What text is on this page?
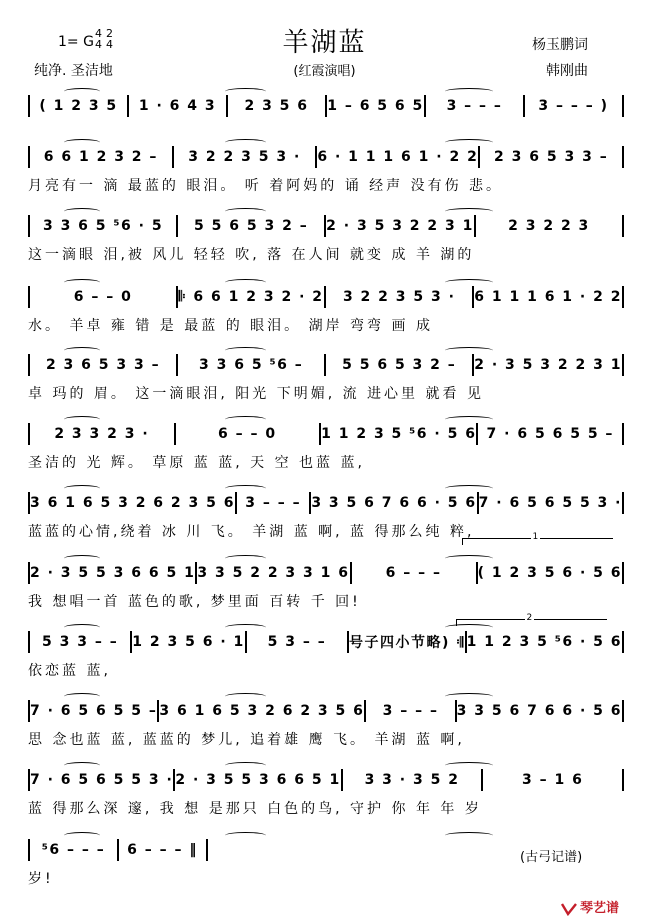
羊湖蓝
1= G
4
4
2
4
纯净. 圣洁地	(红霞演唱)
杨玉鹏词
韩刚曲
( 1 2 3 5	1 · 6 4 3	2 3 5 6	1 – 6 5 6 5	3 – – –	3 – – – )
6 6 1 2 3 2 –	3 2 2 3 5 3 ·	6 · 1 1 1 6 1 · 2 2	2 3 6 5 3 3 –
月亮有一 滴 最蓝的 眼泪。 听 着阿妈的 诵 经声 没有伤 悲。
3 3 6 5 ⁵6 · 5	5 5 6 5 3 2 –	2 · 3 5 3 2 2 3 1	2 3 2 2 3
这一滴眼 泪,被 风儿 轻轻 吹, 落 在人间 就变 成 羊 湖的
6 – – 0	𝄆 6 6 1 2 3 2 · 2	3 2 2 3 5 3 ·	6 1 1 1 6 1 · 2 2
水。 羊卓 雍 错 是 最蓝 的 眼泪。 湖岸 弯弯 画 成
2 3 6 5 3 3 –	3 3 6 5 ⁵6 –	5 5 6 5 3 2 –	2 · 3 5 3 2 2 3 1
卓 玛的 眉。 这一滴眼泪, 阳光 下明媚, 流 进心里 就看 见
2 3 3 2 3 ·	6 – – 0	1 1 2 3 5 ⁵6 · 5 6 7 · 6 5 6 5 5 –
圣洁的 光 辉。 草原 蓝 蓝, 天 空 也蓝 蓝,
3 6 1 6 5 3 2 6 2 3 5 6 3 – – – 3 3 5 6 7 6 6 · 5 6 7 · 6 5 6 5 5 3 ·
蓝蓝的心情,绕着 冰 川 飞。 羊湖 蓝 啊, 蓝 得那么纯 粹,
2 · 3 5 5 3 6 6 5 1 3 3 5 2 2 3 3 1 6	6 – – –	( 1 2 3 5 6 · 5 6
我 想唱一首 蓝色的歌, 梦里面 百转 千 回!
5 3 3 – –	1 2 3 5 6 · 1	5 3 – –	号子四小节略) 𝄇 1 1 2 3 5 ⁵6 · 5 6
依恋蓝 蓝,
7 · 6 5 6 5 5 – 3 6 1 6 5 3 2 6 2 3 5 6	3 – – –	3 3 5 6 7 6 6 · 5 6
思 念也蓝 蓝, 蓝蓝的 梦儿, 追着雄 鹰 飞。 羊湖 蓝 啊,
7 · 6 5 6 5 5 3 · 2 · 3 5 5 3 6 6 5 1	3 3 · 3 5 2	3 – 1 6
蓝 得那么深 邃, 我 想 是那只 白色的鸟, 守护 你 年 年 岁
⁵6 – – –	6 – – – ‖
岁!
1
2
(古弓记谱)
琴艺谱
